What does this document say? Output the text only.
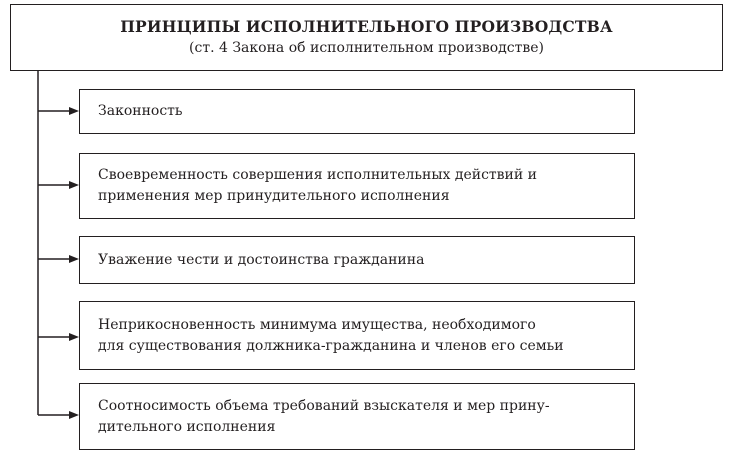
ПРИНЦИПЫ ИСПОЛНИТЕЛЬНОГО ПРОИЗВОДСТВА
(ст. 4 Закона об исполнительном производстве)
Законность
Своевременность совершения исполнительных действий и
применения мер принудительного исполнения
Уважение чести и достоинства гражданина
Неприкосновенность минимума имущества, необходимого
для существования должника-гражданина и членов его семьи
Соотносимость объема требований взыскателя и мер прину-
дительного исполнения
